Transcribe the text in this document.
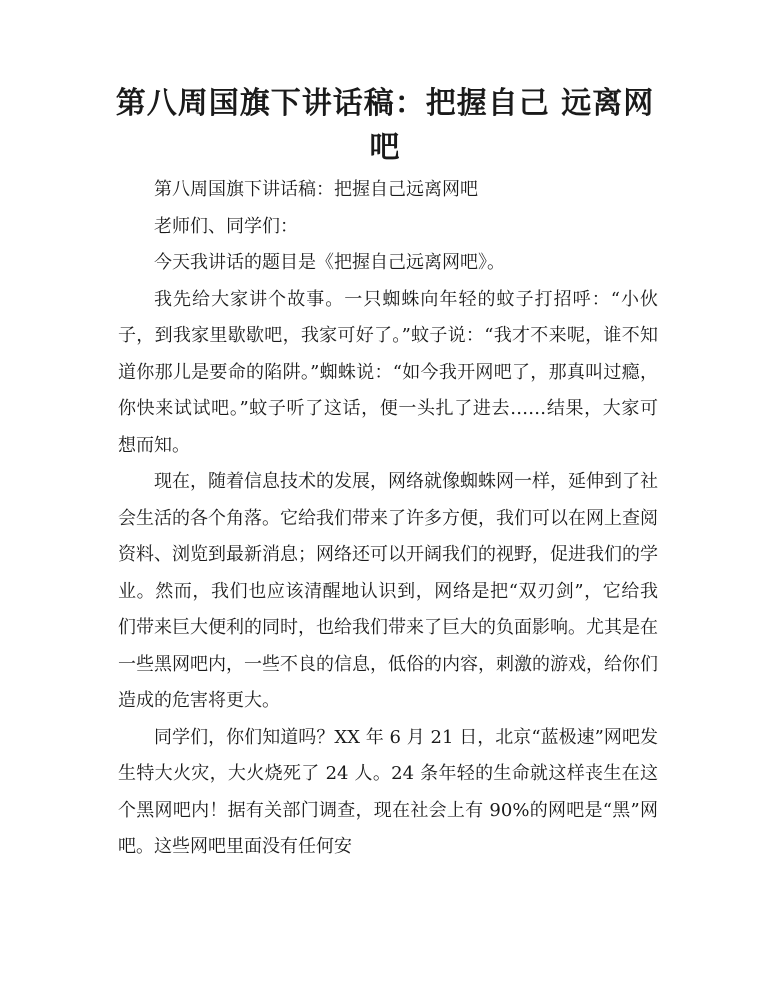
第八周国旗下讲话稿：把握自己 远离网吧

第八周国旗下讲话稿：把握自己远离网吧

老师们、同学们：

今天我讲话的题目是《把握自己远离网吧》。

我先给大家讲个故事。一只蜘蛛向年轻的蚊子打招呼：“小伙子，到我家里歇歇吧，我家可好了。”蚊子说：“我才不来呢，谁不知道你那儿是要命的陷阱。”蜘蛛说：“如今我开网吧了，那真叫过瘾，你快来试试吧。”蚊子听了这话，便一头扎了进去……结果，大家可想而知。

现在，随着信息技术的发展，网络就像蜘蛛网一样，延伸到了社会生活的各个角落。它给我们带来了许多方便，我们可以在网上查阅资料、浏览到最新消息；网络还可以开阔我们的视野，促进我们的学业。然而，我们也应该清醒地认识到，网络是把“双刃剑”，它给我们带来巨大便利的同时，也给我们带来了巨大的负面影响。尤其是在一些黑网吧内，一些不良的信息，低俗的内容，刺激的游戏，给你们造成的危害将更大。

同学们，你们知道吗？XX 年 6 月 21 日，北京“蓝极速”网吧发生特大火灾，大火烧死了 24 人。24 条年轻的生命就这样丧生在这个黑网吧内！据有关部门调查，现在社会上有 90%的网吧是“黑”网吧。这些网吧里面没有任何安
